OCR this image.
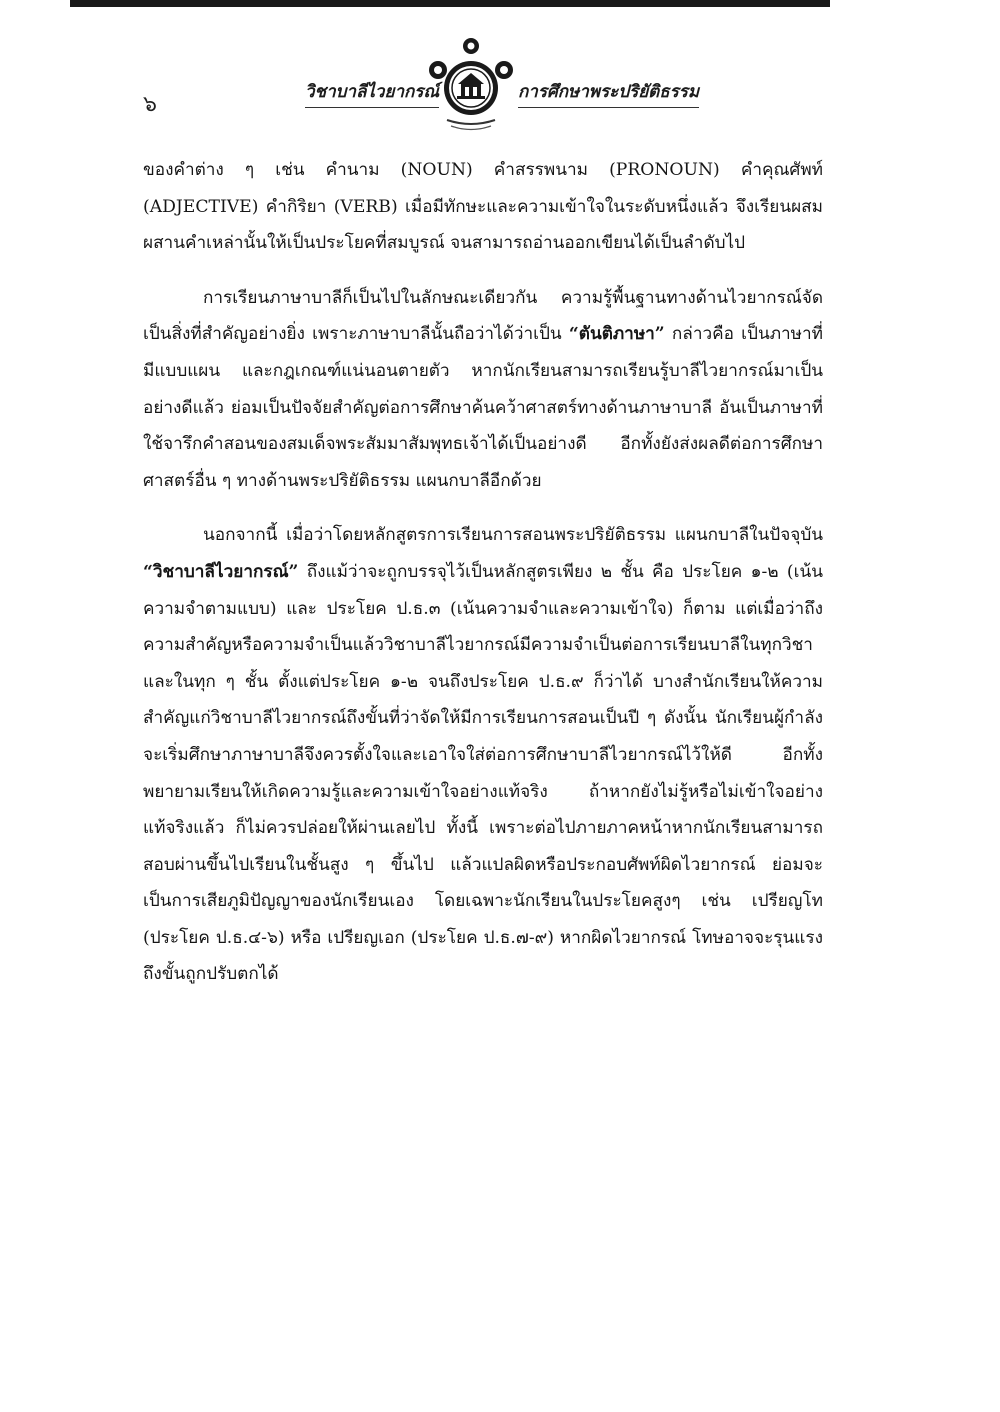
๖	วิชาบาลีไวยากรณ์	การศึกษาพระปริยัติธรรม

ของคำต่าง ๆ เช่น คำนาม (NOUN) คำสรรพนาม (PRONOUN) คำคุณศัพท์ (ADJECTIVE) คำกิริยา (VERB) เมื่อมีทักษะและความเข้าใจในระดับหนึ่งแล้ว จึงเรียนผสมผสานคำเหล่านั้นให้เป็นประโยคที่สมบูรณ์ จนสามารถอ่านออกเขียนได้เป็นลำดับไป

การเรียนภาษาบาลีก็เป็นไปในลักษณะเดียวกัน ความรู้พื้นฐานทางด้านไวยากรณ์จัดเป็นสิ่งที่สำคัญอย่างยิ่ง เพราะภาษาบาลีนั้นถือว่าได้ว่าเป็น “ตันติภาษา” กล่าวคือ เป็นภาษาที่มีแบบแผน และกฎเกณฑ์แน่นอนตายตัว หากนักเรียนสามารถเรียนรู้บาลีไวยากรณ์มาเป็นอย่างดีแล้ว ย่อมเป็นปัจจัยสำคัญต่อการศึกษาค้นคว้าศาสตร์ทางด้านภาษาบาลี อันเป็นภาษาที่ใช้จารึกคำสอนของสมเด็จพระสัมมาสัมพุทธเจ้าได้เป็นอย่างดี อีกทั้งยังส่งผลดีต่อการศึกษาศาสตร์อื่น ๆ ทางด้านพระปริยัติธรรม แผนกบาลีอีกด้วย

นอกจากนี้ เมื่อว่าโดยหลักสูตรการเรียนการสอนพระปริยัติธรรม แผนกบาลีในปัจจุบัน “วิชาบาลีไวยากรณ์” ถึงแม้ว่าจะถูกบรรจุไว้เป็นหลักสูตรเพียง ๒ ชั้น คือ ประโยค ๑-๒ (เน้นความจำตามแบบ) และ ประโยค ป.ธ.๓ (เน้นความจำและความเข้าใจ) ก็ตาม แต่เมื่อว่าถึงความสำคัญหรือความจำเป็นแล้ววิชาบาลีไวยากรณ์มีความจำเป็นต่อการเรียนบาลีในทุกวิชา และในทุก ๆ ชั้น ตั้งแต่ประโยค ๑-๒ จนถึงประโยค ป.ธ.๙ ก็ว่าได้ บางสำนักเรียนให้ความสำคัญแก่วิชาบาลีไวยากรณ์ถึงขั้นที่ว่าจัดให้มีการเรียนการสอนเป็นปี ๆ ดังนั้น นักเรียนผู้กำลังจะเริ่มศึกษาภาษาบาลีจึงควรตั้งใจและเอาใจใส่ต่อการศึกษาบาลีไวยากรณ์ไว้ให้ดี อีกทั้งพยายามเรียนให้เกิดความรู้และความเข้าใจอย่างแท้จริง ถ้าหากยังไม่รู้หรือไม่เข้าใจอย่างแท้จริงแล้ว ก็ไม่ควรปล่อยให้ผ่านเลยไป ทั้งนี้ เพราะต่อไปภายภาคหน้าหากนักเรียนสามารถสอบผ่านขึ้นไปเรียนในชั้นสูง ๆ ขึ้นไป แล้วแปลผิดหรือประกอบศัพท์ผิดไวยากรณ์ ย่อมจะเป็นการเสียภูมิปัญญาของนักเรียนเอง โดยเฉพาะนักเรียนในประโยคสูงๆ เช่น เปรียญโท (ประโยค ป.ธ.๔-๖) หรือ เปรียญเอก (ประโยค ป.ธ.๗-๙) หากผิดไวยากรณ์ โทษอาจจะรุนแรง ถึงขั้นถูกปรับตกได้
